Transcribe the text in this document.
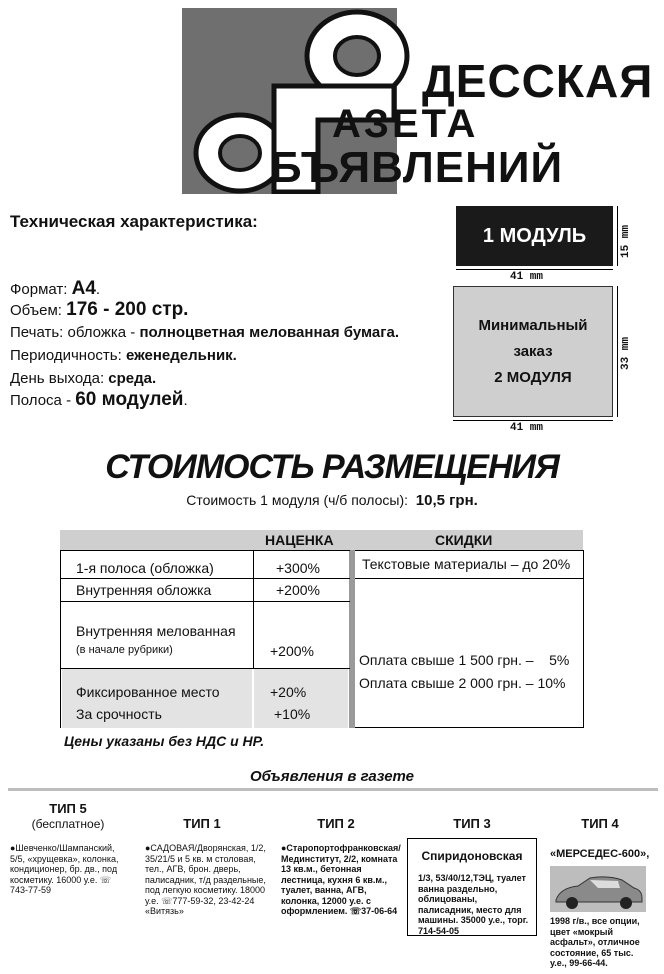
ДЕССКАЯ
АЗЕТА
БЪЯВЛЕНИЙ
Техническая характеристика:
Формат: А4.
Объем: 176 - 200 стр.
Печать: обложка - полноцветная мелованная бумага.
Периодичность: еженедельник.
День выхода: среда.
Полоса - 60 модулей.
1 МОДУЛЬ	15 mm
41 mm
Минимальный
заказ
2 МОДУЛЯ
33 mm
41 mm
СТОИМОСТЬ РАЗМЕЩЕНИЯ
Стоимость 1 модуля (ч/б полосы): 10,5 грн.
НАЦЕНКА	СКИДКИ
1-я полоса (обложка)	+300%
Внутренняя обложка	+200%
Внутренняя мелованная
(в начале рубрики)	+200%
Фиксированное место	+20%
За срочность	+10%
Текстовые материалы – до 20%
Оплата свыше 1 500 грн. –    5%
Оплата свыше 2 000 грн. – 10%
Цены указаны без НДС и НР.
Объявления в газете
ТИП 5
(бесплатное)
●Шевченко/Шампанский, 5/5, «хрущевка», колонка, кондиционер, бр. дв., под косметику. 16000 у.е. ☏ 743-77-59
ТИП 1
●САДОВАЯ/Дворянская, 1/2, 35/21/5 и 5 кв. м столовая, тел., АГВ, брон. дверь, палисадник, т/д раздельные, под легкую косметику. 18000 у.е. ☏777-59-32, 23-42-24 «Витязь»
ТИП 2
●Старопортофранковская/ Мединститут, 2/2, комната 13 кв.м., бетонная лестница, кухня 6 кв.м., туалет, ванна, АГВ, колонка, 12000 у.е. с оформлением. ☏37-06-64
ТИП 3
Спиридоновская
1/3, 53/40/12,ТЭЦ, туалет ванна раздельно, облицованы, палисадник, место для машины. 35000 у.е., торг. 714-54-05
ТИП 4
«МЕРСЕДЕС-600»,
1998 г/в., все опции, цвет «мокрый асфальт», отличное состояние, 65 тыс. у.е., 99-66-44.
